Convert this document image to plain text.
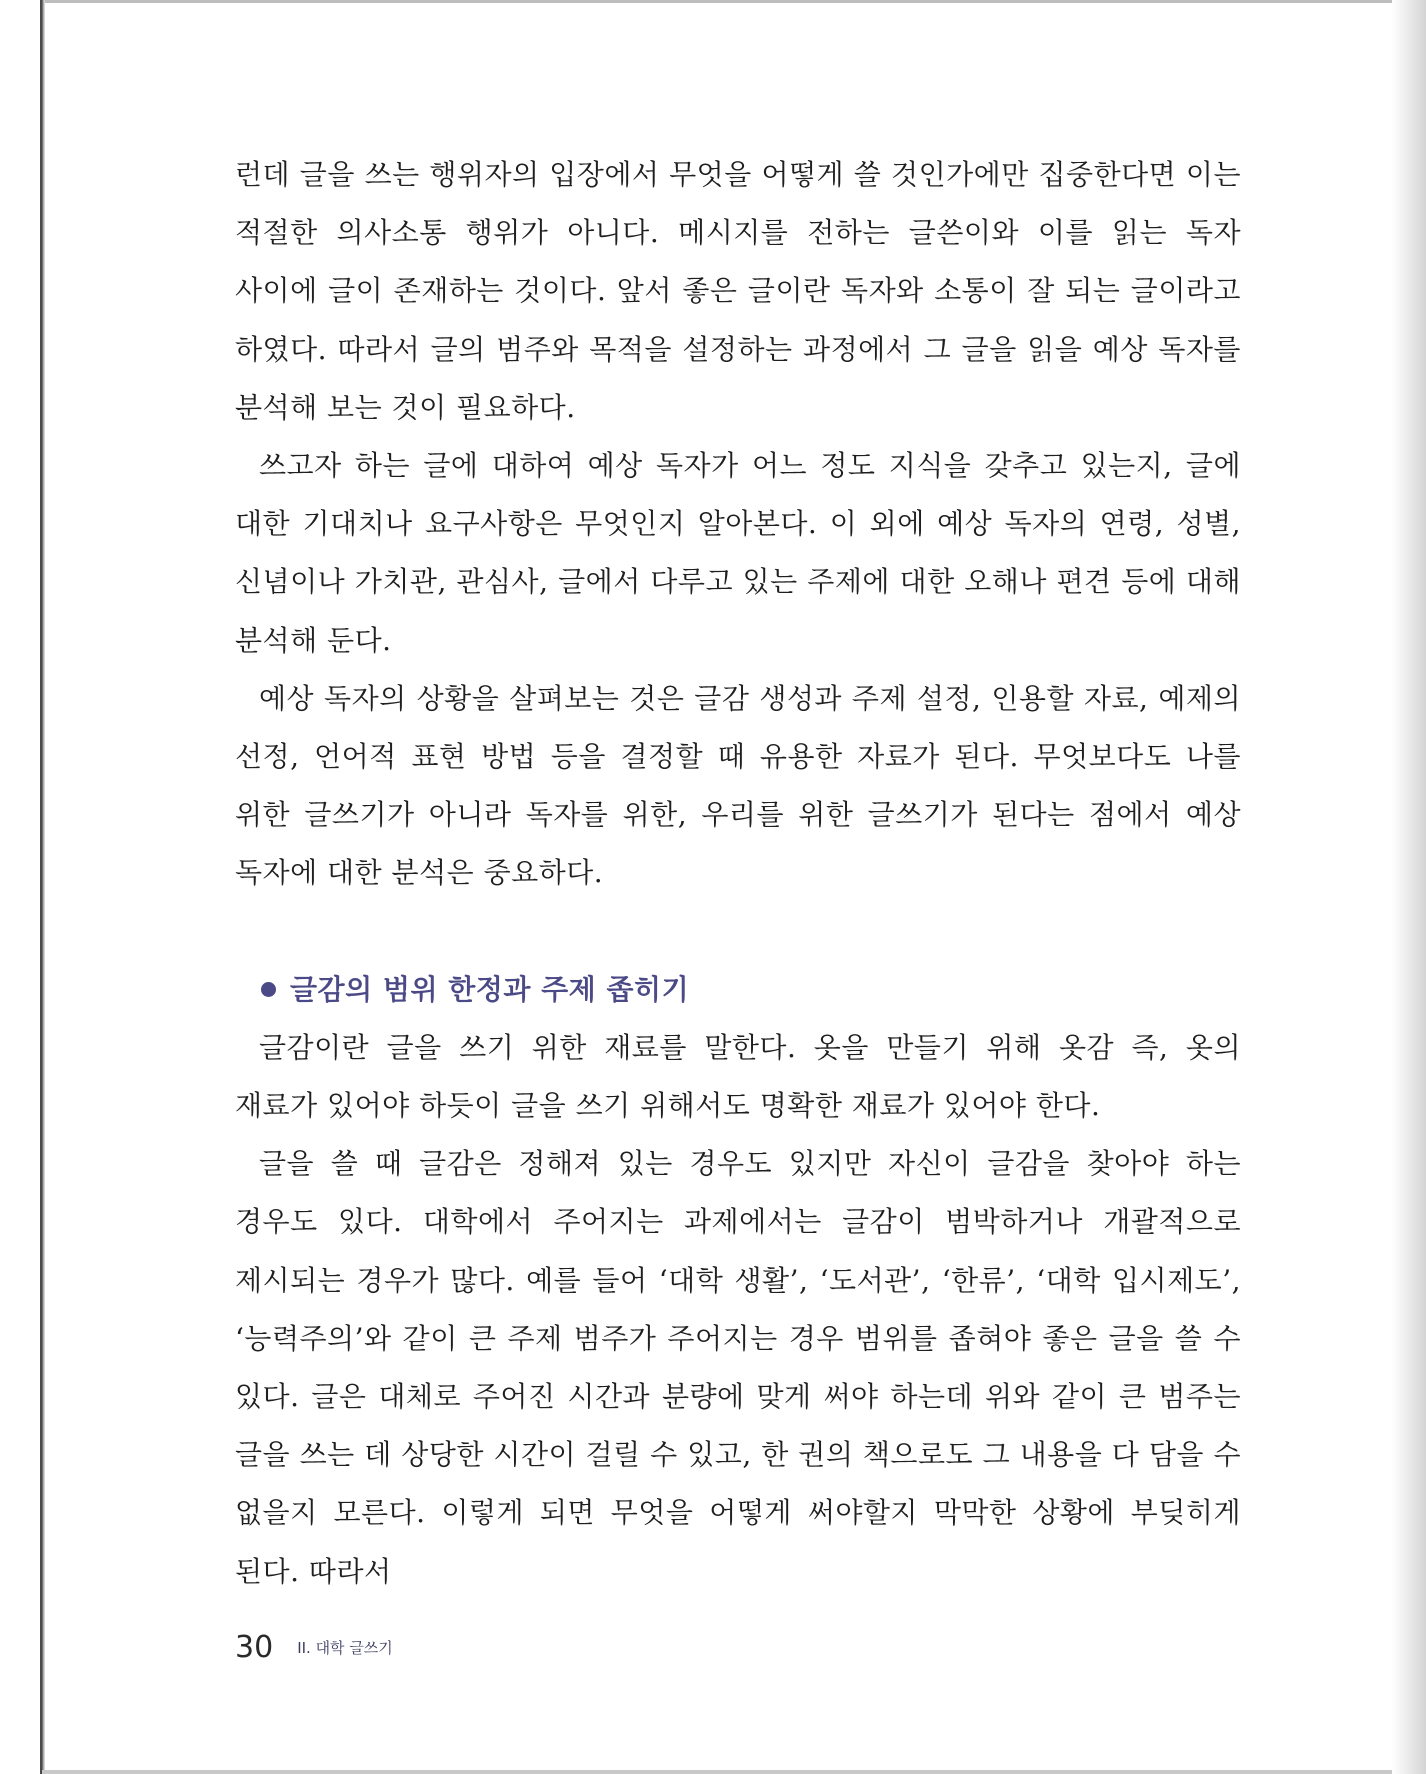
런데 글을 쓰는 행위자의 입장에서 무엇을 어떻게 쓸 것인가에만 집중한다면 이는 적절한 의사소통 행위가 아니다. 메시지를 전하는 글쓴이와 이를 읽는 독자 사이에 글이 존재하는 것이다. 앞서 좋은 글이란 독자와 소통이 잘 되는 글이라고 하였다. 따라서 글의 범주와 목적을 설정하는 과정에서 그 글을 읽을 예상 독자를 분석해 보는 것이 필요하다.

쓰고자 하는 글에 대하여 예상 독자가 어느 정도 지식을 갖추고 있는지, 글에 대한 기대치나 요구사항은 무엇인지 알아본다. 이 외에 예상 독자의 연령, 성별, 신념이나 가치관, 관심사, 글에서 다루고 있는 주제에 대한 오해나 편견 등에 대해 분석해 둔다.

예상 독자의 상황을 살펴보는 것은 글감 생성과 주제 설정, 인용할 자료, 예제의 선정, 언어적 표현 방법 등을 결정할 때 유용한 자료가 된다. 무엇보다도 나를 위한 글쓰기가 아니라 독자를 위한, 우리를 위한 글쓰기가 된다는 점에서 예상 독자에 대한 분석은 중요하다.

글감의 범위 한정과 주제 좁히기

글감이란 글을 쓰기 위한 재료를 말한다. 옷을 만들기 위해 옷감 즉, 옷의 재료가 있어야 하듯이 글을 쓰기 위해서도 명확한 재료가 있어야 한다.

글을 쓸 때 글감은 정해져 있는 경우도 있지만 자신이 글감을 찾아야 하는 경우도 있다. 대학에서 주어지는 과제에서는 글감이 범박하거나 개괄적으로 제시되는 경우가 많다. 예를 들어 ‘대학 생활’, ‘도서관’, ‘한류’, ‘대학 입시제도’, ‘능력주의’와 같이 큰 주제 범주가 주어지는 경우 범위를 좁혀야 좋은 글을 쓸 수 있다. 글은 대체로 주어진 시간과 분량에 맞게 써야 하는데 위와 같이 큰 범주는 글을 쓰는 데 상당한 시간이 걸릴 수 있고, 한 권의 책으로도 그 내용을 다 담을 수 없을지 모른다. 이렇게 되면 무엇을 어떻게 써야할지 막막한 상황에 부딪히게 된다. 따라서

30 II. 대학 글쓰기
